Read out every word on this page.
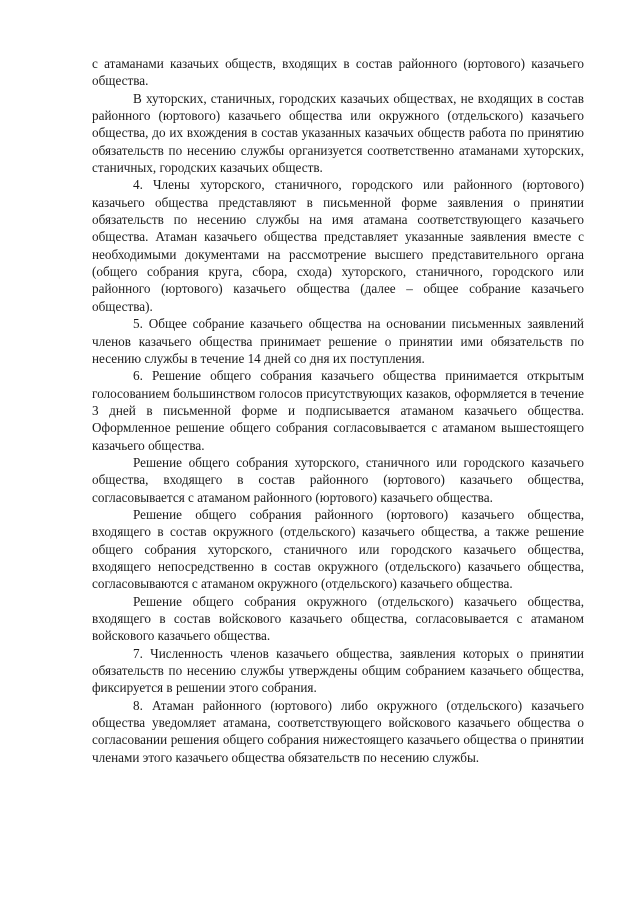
с атаманами казачьих обществ, входящих в состав районного (юртового) казачьего общества.

В хуторских, станичных, городских казачьих обществах, не входящих в состав районного (юртового) казачьего общества или окружного (отдельского) казачьего общества, до их вхождения в состав указанных казачьих обществ работа по принятию обязательств по несению службы организуется соответственно атаманами хуторских, станичных, городских казачьих обществ.

4. Члены хуторского, станичного, городского или районного (юртового) казачьего общества представляют в письменной форме заявления о принятии обязательств по несению службы на имя атамана соответствующего казачьего общества. Атаман казачьего общества представляет указанные заявления вместе с необходимыми документами на рассмотрение высшего представительного органа (общего собрания круга, сбора, схода) хуторского, станичного, городского или районного (юртового) казачьего общества (далее – общее собрание казачьего общества).

5. Общее собрание казачьего общества на основании письменных заявлений членов казачьего общества принимает решение о принятии ими обязательств по несению службы в течение 14 дней со дня их поступления.

6. Решение общего собрания казачьего общества принимается открытым голосованием большинством голосов присутствующих казаков, оформляется в течение 3 дней в письменной форме и подписывается атаманом казачьего общества. Оформленное решение общего собрания согласовывается с атаманом вышестоящего казачьего общества.

Решение общего собрания хуторского, станичного или городского казачьего общества, входящего в состав районного (юртового) казачьего общества, согласовывается с атаманом районного (юртового) казачьего общества.

Решение общего собрания районного (юртового) казачьего общества, входящего в состав окружного (отдельского) казачьего общества, а также решение общего собрания хуторского, станичного или городского казачьего общества, входящего непосредственно в состав окружного (отдельского) казачьего общества, согласовываются с атаманом окружного (отдельского) казачьего общества.

Решение общего собрания окружного (отдельского) казачьего общества, входящего в состав войскового казачьего общества, согласовывается с атаманом войскового казачьего общества.

7. Численность членов казачьего общества, заявления которых о принятии обязательств по несению службы утверждены общим собранием казачьего общества, фиксируется в решении этого собрания.

8. Атаман районного (юртового) либо окружного (отдельского) казачьего общества уведомляет атамана, соответствующего войскового казачьего общества о согласовании решения общего собрания нижестоящего казачьего общества о принятии членами этого казачьего общества обязательств по несению службы.
